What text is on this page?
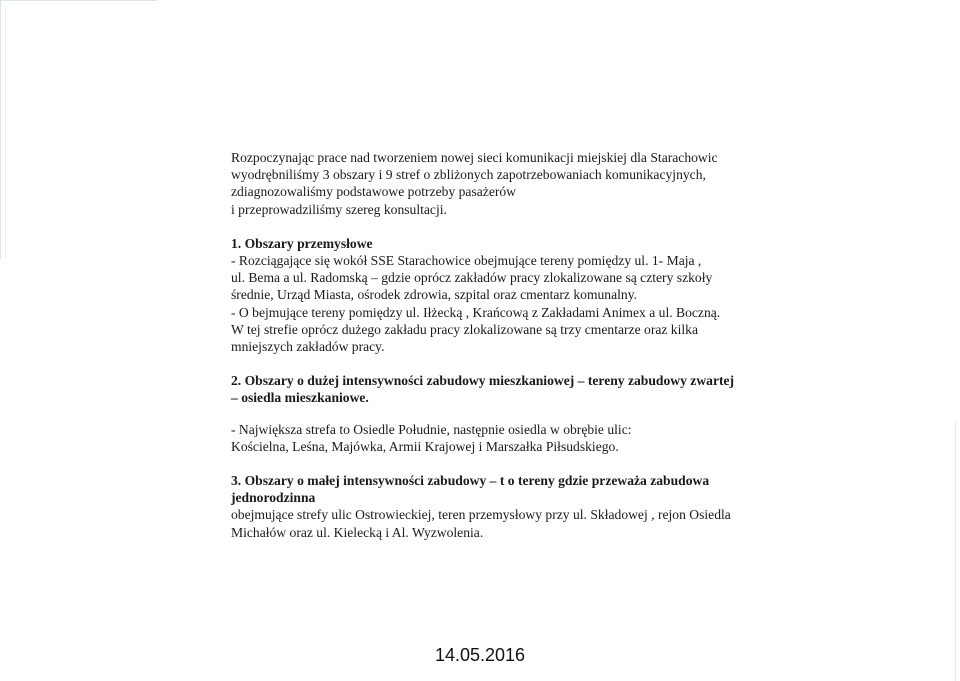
Rozpoczynając prace nad tworzeniem nowej sieci komunikacji miejskiej dla Starachowic

wyodrębniliśmy 3 obszary i 9 stref o zbliżonych zapotrzebowaniach komunikacyjnych,

zdiagnozowaliśmy podstawowe potrzeby pasażerów

i przeprowadziliśmy szereg konsultacji.

1. Obszary przemysłowe

- Rozciągające się wokół SSE Starachowice obejmujące tereny pomiędzy ul. 1- Maja ,

ul. Bema a ul. Radomską – gdzie oprócz zakładów pracy zlokalizowane są cztery szkoły

średnie, Urząd Miasta, ośrodek zdrowia, szpital oraz cmentarz komunalny.

- O bejmujące tereny pomiędzy ul. Iłżecką , Krańcową z Zakładami Animex a ul. Boczną.

W tej strefie oprócz dużego zakładu pracy zlokalizowane są trzy cmentarze oraz kilka

mniejszych zakładów pracy.

2. Obszary o dużej intensywności zabudowy mieszkaniowej – tereny zabudowy zwartej

– osiedla mieszkaniowe.

- Największa strefa to Osiedle Południe, następnie osiedla w obrębie ulic:

Kościelna, Leśna, Majówka, Armii Krajowej i Marszałka Piłsudskiego.

3. Obszary o małej intensywności zabudowy – t o tereny gdzie przeważa zabudowa

jednorodzinna

obejmujące strefy ulic Ostrowieckiej, teren przemysłowy przy ul. Składowej , rejon Osiedla

Michałów oraz ul. Kielecką i Al. Wyzwolenia.

14.05.2016
